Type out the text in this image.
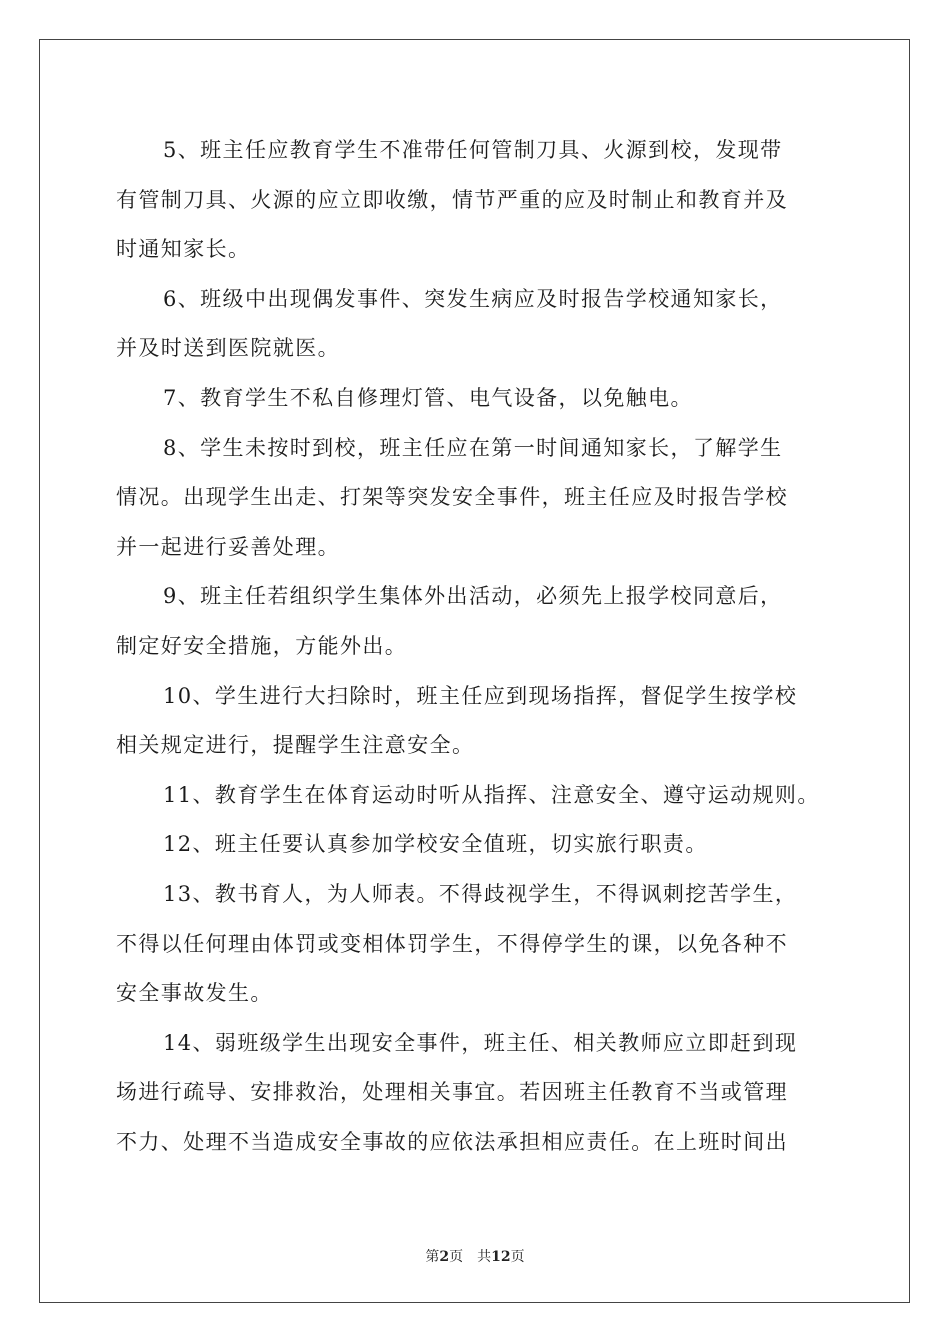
5、班主任应教育学生不准带任何管制刀具、火源到校，发现带
有管制刀具、火源的应立即收缴，情节严重的应及时制止和教育并及
时通知家长。
6、班级中出现偶发事件、突发生病应及时报告学校通知家长，
并及时送到医院就医。
7、教育学生不私自修理灯管、电气设备，以免触电。
8、学生未按时到校，班主任应在第一时间通知家长，了解学生
情况。出现学生出走、打架等突发安全事件，班主任应及时报告学校
并一起进行妥善处理。
9、班主任若组织学生集体外出活动，必须先上报学校同意后，
制定好安全措施，方能外出。
10、学生进行大扫除时，班主任应到现场指挥，督促学生按学校
相关规定进行，提醒学生注意安全。
11、教育学生在体育运动时听从指挥、注意安全、遵守运动规则。
12、班主任要认真参加学校安全值班，切实旅行职责。
13、教书育人，为人师表。不得歧视学生，不得讽刺挖苦学生，
不得以任何理由体罚或变相体罚学生，不得停学生的课，以免各种不
安全事故发生。
14、弱班级学生出现安全事件，班主任、相关教师应立即赶到现
场进行疏导、安排救治，处理相关事宜。若因班主任教育不当或管理
不力、处理不当造成安全事故的应依法承担相应责任。在上班时间出
第2页 共12页
